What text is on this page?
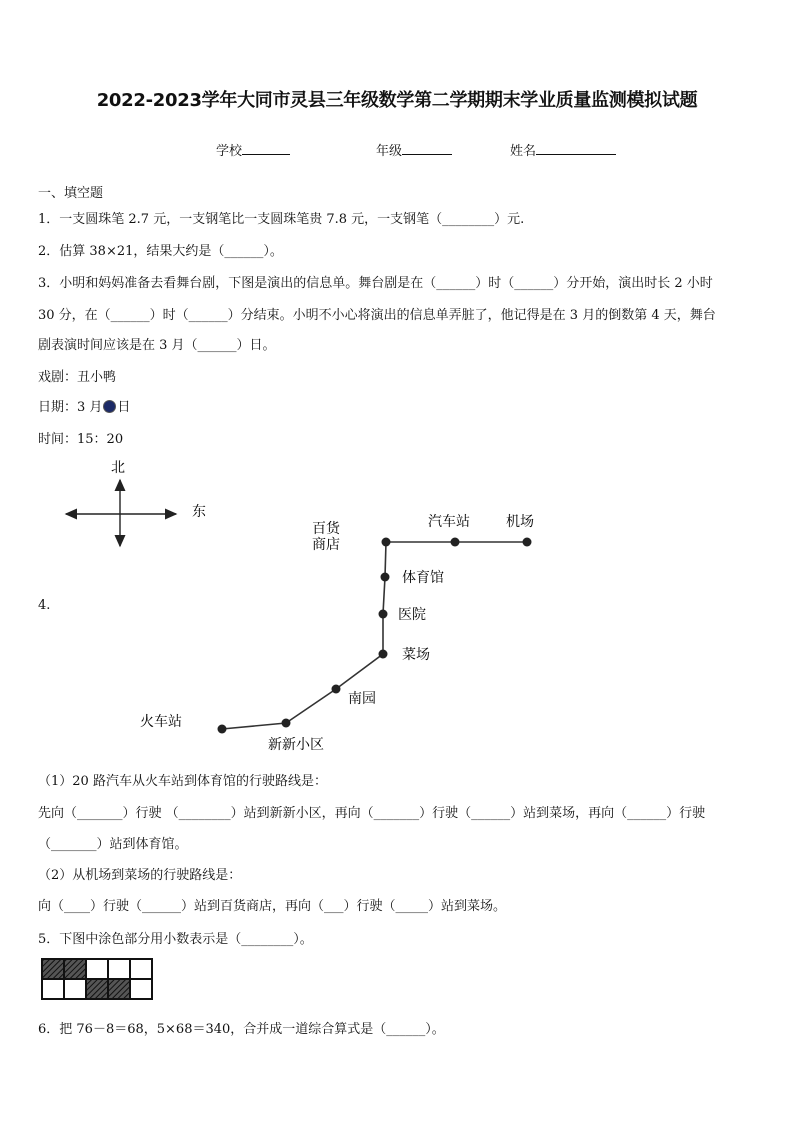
2022-2023学年大同市灵县三年级数学第二学期期末学业质量监测模拟试题
学校	年级	姓名
一、填空题
1．一支圆珠笔 2.7 元，一支钢笔比一支圆珠笔贵 7.8 元，一支钢笔（________）元.
2．估算 38×21，结果大约是（______）。
3．小明和妈妈准备去看舞台剧，下图是演出的信息单。舞台剧是在（______）时（______）分开始，演出时长 2 小时
30 分，在（______）时（______）分结束。小明不小心将演出的信息单弄脏了，他记得是在 3 月的倒数第 4 天，舞台
剧表演时间应该是在 3 月（______）日。
戏剧：丑小鸭
日期：3 月 日
时间：15：20
4.
北
东
百货
商店
汽车站	机场
体育馆
医院
菜场
南园
火车站
新新小区
（1）20 路汽车从火车站到体育馆的行驶路线是：
先向（_______）行驶 （________）站到新新小区，再向（_______）行驶（______）站到菜场，再向（______）行驶
（_______）站到体育馆。
（2）从机场到菜场的行驶路线是：
向（____）行驶（______）站到百货商店，再向（___）行驶（_____）站到菜场。
5．下图中涂色部分用小数表示是（________）。
6．把 76－8＝68，5×68＝340，合并成一道综合算式是（______）。
